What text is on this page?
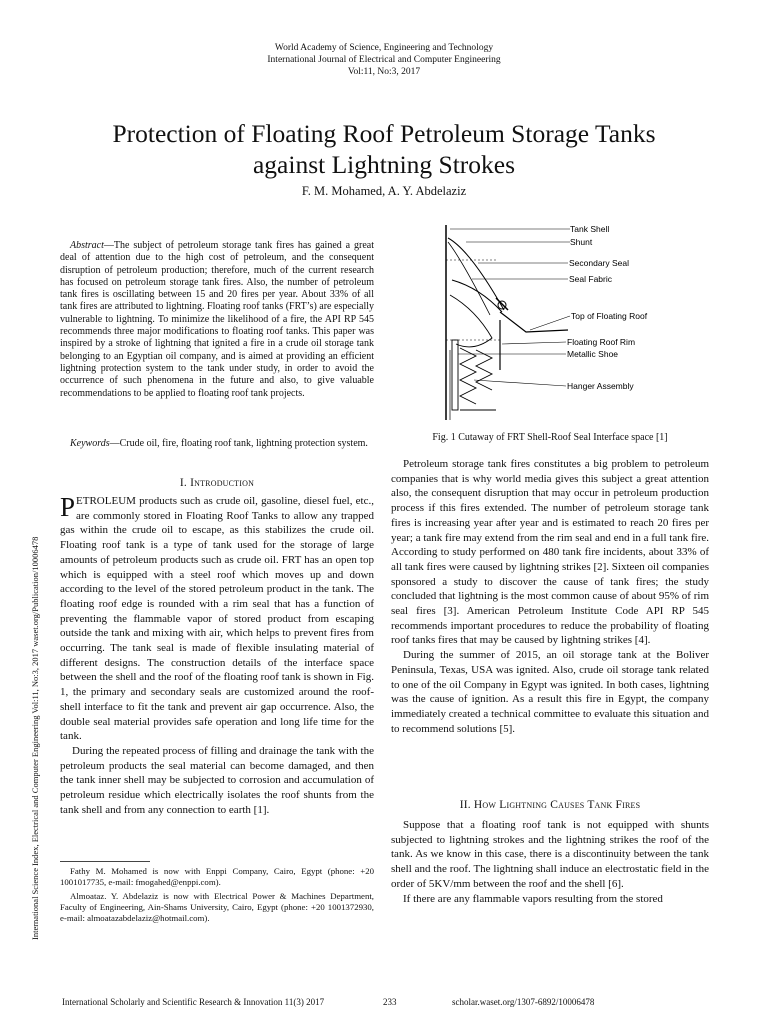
World Academy of Science, Engineering and Technology
International Journal of Electrical and Computer Engineering
Vol:11, No:3, 2017
Protection of Floating Roof Petroleum Storage Tanks
against Lightning Strokes
F. M. Mohamed, A. Y. Abdelaziz
International Science Index, Electrical and Computer Engineering Vol:11, No:3, 2017 waset.org/Publication/10006478
Abstract—The subject of petroleum storage tank fires has gained a great deal of attention due to the high cost of petroleum, and the consequent disruption of petroleum production; therefore, much of the current research has focused on petroleum storage tank fires. Also, the number of petroleum tank fires is oscillating between 15 and 20 fires per year. About 33% of all tank fires are attributed to lightning. Floating roof tanks (FRT’s) are especially vulnerable to lightning. To minimize the likelihood of a fire, the API RP 545 recommends three major modifications to floating roof tanks. This paper was inspired by a stroke of lightning that ignited a fire in a crude oil storage tank belonging to an Egyptian oil company, and is aimed at providing an efficient lightning protection system to the tank under study, in order to avoid the occurrence of such phenomena in the future and also, to give valuable recommendations to be applied to floating roof tank projects.
Keywords—Crude oil, fire, floating roof tank, lightning protection system.
I. Introduction

PETROLEUM products such as crude oil, gasoline, diesel fuel, etc., are commonly stored in Floating Roof Tanks to allow any trapped gas within the crude oil to escape, as this stabilizes the crude oil. Floating roof tank is a type of tank used for the storage of large amounts of petroleum products such as crude oil. FRT has an open top which is equipped with a steel roof which moves up and down according to the level of the stored petroleum product in the tank. The floating roof edge is rounded with a rim seal that has a function of preventing the flammable vapor of stored product from escaping outside the tank and mixing with air, which helps to prevent fires from occurring. The tank seal is made of flexible insulating material of different designs. The construction details of the interface space between the shell and the roof of the floating roof tank is shown in Fig. 1, the primary and secondary seals are customized around the roof-shell interface to fit the tank and prevent air gap occurrence. Also, the double seal material provides safe operation and long life time for the tank.

During the repeated process of filling and drainage the tank with the petroleum products the seal material can become damaged, and then the tank inner shell may be subjected to corrosion and accumulation of petroleum residue which electrically isolates the roof shunts from the tank shell and from any connection to earth [1].

Fathy M. Mohamed is now with Enppi Company, Cairo, Egypt (phone: +20 1001017735, e-mail: fmogahed@enppi.com).
Almoataz. Y. Abdelaziz is now with Electrical Power & Machines Department, Faculty of Engineering, Ain-Shams University, Cairo, Egypt (phone: +20 1001372930, e-mail: almoatazabdelaziz@hotmail.com).
Tank Shell
Shunt
Secondary Seal
Seal Fabric
Top of Floating Roof
Floating Roof Rim
Metallic Shoe
Hanger Assembly
Fig. 1 Cutaway of FRT Shell-Roof Seal Interface space [1]

Petroleum storage tank fires constitutes a big problem to petroleum companies that is why world media gives this subject a great attention also, the consequent disruption that may occur in petroleum production process if this fires extended. The number of petroleum storage tank fires is increasing year after year and is estimated to reach 20 fires per year; a tank fire may extend from the rim seal and end in a full tank fire. According to study performed on 480 tank fire incidents, about 33% of all tank fires were caused by lightning strikes [2]. Sixteen oil companies sponsored a study to discover the cause of tank fires; the study concluded that lightning is the most common cause of about 95% of rim seal fires [3]. American Petroleum Institute Code API RP 545 recommends important procedures to reduce the probability of floating roof tanks fires that may be caused by lightning strikes [4].

During the summer of 2015, an oil storage tank at the Boliver Peninsula, Texas, USA was ignited. Also, crude oil storage tank related to one of the oil Company in Egypt was ignited. In both cases, lightning was the cause of ignition. As a result this fire in Egypt, the company immediately created a technical committee to evaluate this situation and to recommend solutions [5].

II. How Lightning Causes Tank Fires

Suppose that a floating roof tank is not equipped with shunts subjected to lightning strokes and the lightning strikes the roof of the tank. As we know in this case, there is a discontinuity between the tank shell and the roof. The lightning shall induce an electrostatic field in the order of 5KV/mm between the roof and the shell [6].

If there are any flammable vapors resulting from the stored

International Scholarly and Scientific Research & Innovation 11(3) 2017	233	scholar.waset.org/1307-6892/10006478
